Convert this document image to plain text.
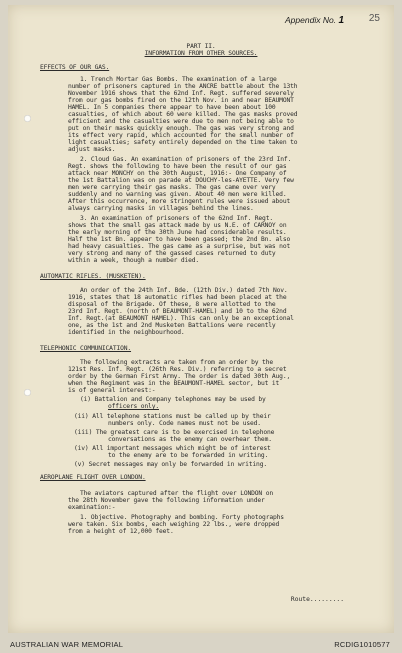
Appendix No. 1 25
PART II.
INFORMATION FROM OTHER SOURCES.
EFFECTS OF OUR GAS.
1. Trench Mortar Gas Bombs. The examination of a large
number of prisoners captured in the ANCRE battle about the 13th
November 1916 shows that the 62nd Inf. Regt. suffered severely
from our gas bombs fired on the 12th Nov. in and near BEAUMONT
HAMEL. In 5 companies there appear to have been about 100
casualties, of which about 60 were killed. The gas masks proved
efficient and the casualties were due to men not being able to
put on their masks quickly enough. The gas was very strong and
its effect very rapid, which accounted for the small number of
light casualties; safety entirely depended on the time taken to
adjust masks.
2. Cloud Gas. An examination of prisoners of the 23rd Inf.
Regt. shows the following to have been the result of our gas
attack near MONCHY on the 30th August, 1916:- One Company of
the 1st Battalion was on parade at DOUCHY-les-AYETTE. Very few
men were carrying their gas masks. The gas came over very
suddenly and no warning was given. About 40 men were killed.
After this occurrence, more stringent rules were issued about
always carrying masks in villages behind the lines.
3. An examination of prisoners of the 62nd Inf. Regt.
shows that the small gas attack made by us N.E. of CARNOY on
the early morning of the 30th June had considerable results.
Half the 1st Bn. appear to have been gassed; the 2nd Bn. also
had heavy casualties. The gas came as a surprise, but was not
very strong and many of the gassed cases returned to duty
within a week, though a number died.
AUTOMATIC RIFLES. (MUSKETEN).
An order of the 24th Inf. Bde. (12th Div.) dated 7th Nov.
1916, states that 18 automatic rifles had been placed at the
disposal of the Brigade. Of these, 8 were allotted to the
23rd Inf. Regt. (north of BEAUMONT-HAMEL) and 10 to the 62nd
Inf. Regt.(at BEAUMONT HAMEL). This can only be an exceptional
one, as the 1st and 2nd Musketen Battalions were recently
identified in the neighbourhood.
TELEPHONIC COMMUNICATION.
The following extracts are taken from an order by the
121st Res. Inf. Regt. (26th Res. Div.) referring to a secret
order by the German First Army. The order is dated 30th Aug.,
when the Regiment was in the BEAUMONT-HAMEL sector, but it
is of general interest:-
(i) Battalion and Company telephones may be used by
officers only.
(ii) All telephone stations must be called up by their
numbers only. Code names must not be used.
(iii) The greatest care is to be exercised in telephone
conversations as the enemy can overhear them.
(iv) All important messages which might be of interest
to the enemy are to be forwarded in writing.
(v) Secret messages may only be forwarded in writing.
AEROPLANE FLIGHT OVER LONDON.
The aviators captured after the flight over LONDON on
the 28th November gave the following information under
examination:-
1. Objective. Photography and bombing. Forty photographs
were taken. Six bombs, each weighing 22 lbs., were dropped
from a height of 12,000 feet.
Route.........
AUSTRALIAN WAR MEMORIAL	RCDIG1010577
